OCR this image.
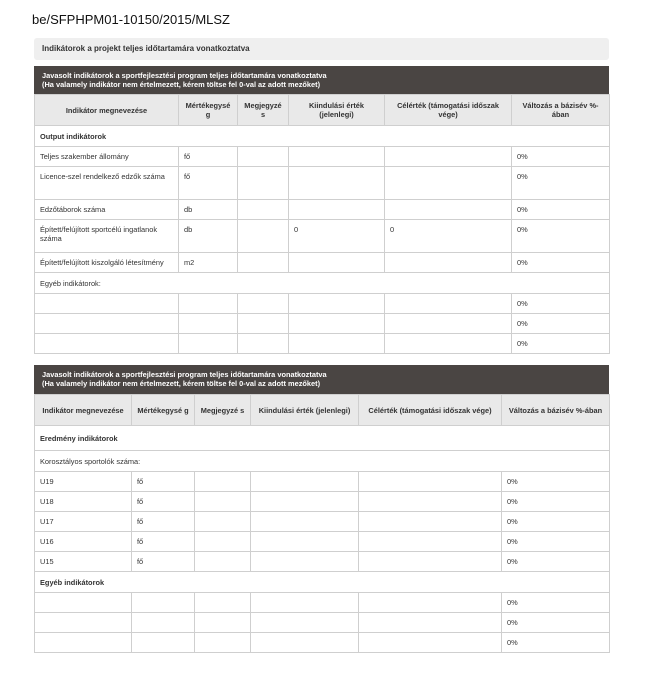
be/SFPHPM01-10150/2015/MLSZ
Indikátorok a projekt teljes időtartamára vonatkoztatva
Javasolt indikátorok a sportfejlesztési program teljes időtartamára vonatkoztatva
(Ha valamely indikátor nem értelmezett, kérem töltse fel 0-val az adott mezőket)
Indikátor megnevezése	Mértékegysé g	Megjegyzé s	Kiindulási érték (jelenlegi)	Célérték (támogatási időszak vége)	Változás a bázisév %-ában
Output indikátorok					
Teljes szakember állomány	fő				0%
Licence-szel rendelkező edzők száma	fő				0%
Edzőtáborok száma	db				0%
Épített/felújított sportcélú ingatlanok száma	db		0	0	0%
Épített/felújított kiszolgáló létesítmény	m2				0%
Egyéb indikátorok:					
					0%
					0%
					0%
Javasolt indikátorok a sportfejlesztési program teljes időtartamára vonatkoztatva
(Ha valamely indikátor nem értelmezett, kérem töltse fel 0-val az adott mezőket)
Indikátor megnevezése	Mértékegysé g	Megjegyzé s	Kiindulási érték (jelenlegi)	Célérték (támogatási időszak vége)	Változás a bázisév %-ában
Eredmény indikátorok					
Korosztályos sportolók száma:					
U19	fő				0%
U18	fő				0%
U17	fő				0%
U16	fő				0%
U15	fő				0%
Egyéb indikátorok					
					0%
					0%
					0%
